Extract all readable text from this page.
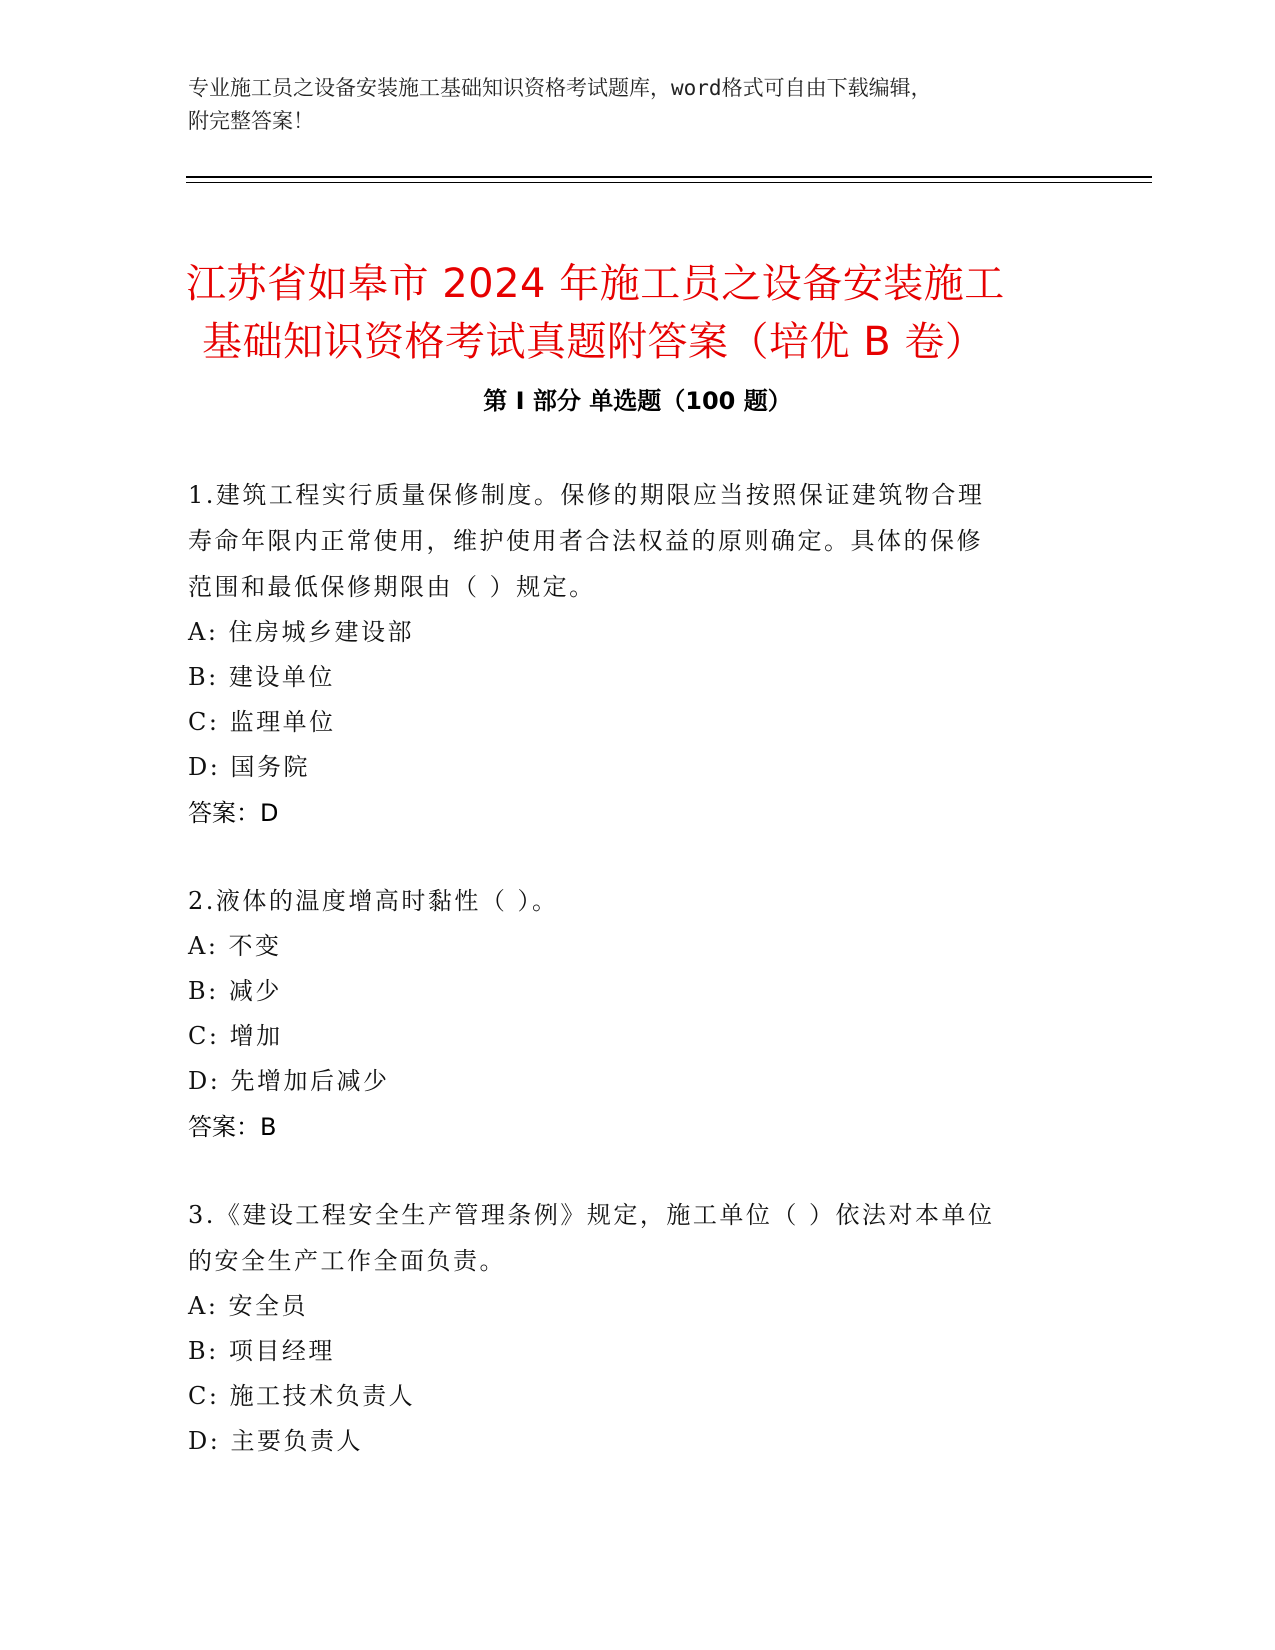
专业施工员之设备安装施工基础知识资格考试题库，word格式可自由下载编辑，
附完整答案！
江苏省如皋市 2024 年施工员之设备安装施工
基础知识资格考试真题附答案（培优 B 卷）
第 I 部分 单选题（100 题）
1.建筑工程实行质量保修制度。保修的期限应当按照保证建筑物合理
寿命年限内正常使用，维护使用者合法权益的原则确定。具体的保修
范围和最低保修期限由（ ）规定。
A: 住房城乡建设部
B: 建设单位
C: 监理单位
D: 国务院
答案：D
2.液体的温度增高时黏性（ ）。
A: 不变
B: 减少
C: 增加
D: 先增加后减少
答案：B
3.《建设工程安全生产管理条例》规定，施工单位（ ）依法对本单位
的安全生产工作全面负责。
A: 安全员
B: 项目经理
C: 施工技术负责人
D: 主要负责人
